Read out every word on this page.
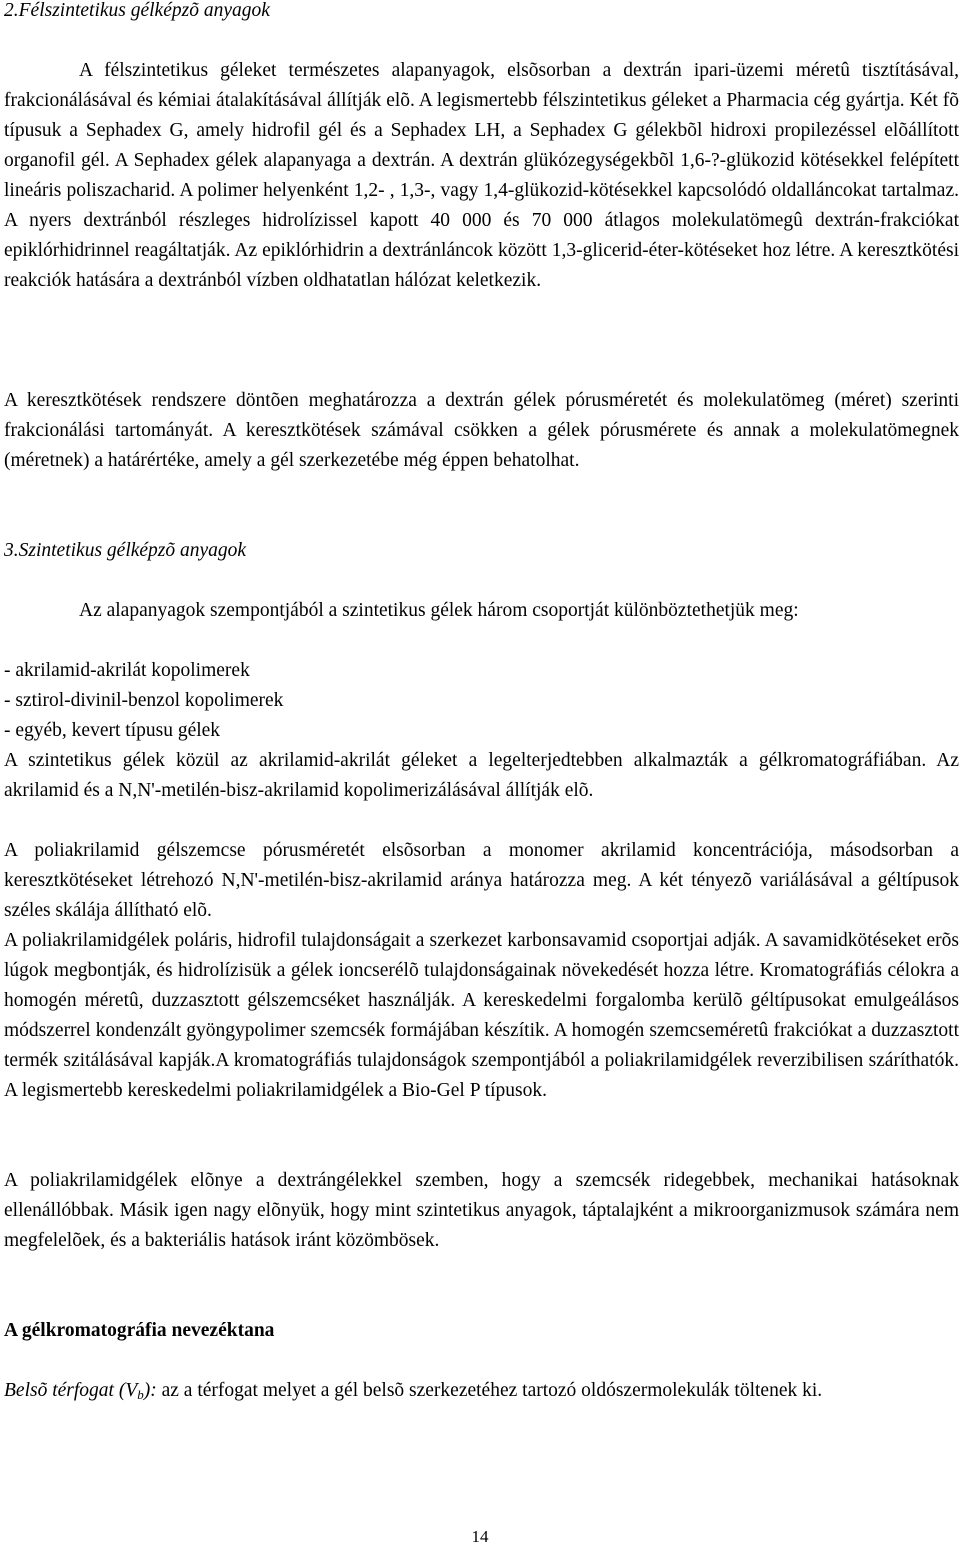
2.Félszintetikus gélképzõ anyagok

A félszintetikus géleket természetes alapanyagok, elsõsorban a dextrán ipari-üzemi méretû tisztításával, frakcionálásával és kémiai átalakításával állítják elõ. A legismertebb félszintetikus géleket a Pharmacia cég gyártja. Két fõ típusuk a Sephadex G, amely hidrofil gél és a Sephadex LH, a Sephadex G gélekbõl hidroxi propilezéssel elõállított organofil gél. A Sephadex gélek alapanyaga a dextrán. A dextrán glükózegységekbõl 1,6-?-glükozid kötésekkel felépített lineáris poliszacharid. A polimer helyenként 1,2- , 1,3-, vagy 1,4-glükozid-kötésekkel kapcsolódó oldalláncokat tartalmaz. A nyers dextránból részleges hidrolízissel kapott 40 000 és 70 000 átlagos molekulatömegû dextrán-frakciókat epiklórhidrinnel reagáltatják. Az epiklórhidrin a dextránláncok között 1,3-glicerid-éter-kötéseket hoz létre. A keresztkötési reakciók hatására a dextránból vízben oldhatatlan hálózat keletkezik.

A keresztkötések rendszere döntõen meghatározza a dextrán gélek pórusméretét és molekulatömeg (méret) szerinti frakcionálási tartományát. A keresztkötések számával csökken a gélek pórusmérete és annak a molekulatömegnek (méretnek) a határértéke, amely a gél szerkezetébe még éppen behatolhat.

3.Szintetikus gélképzõ anyagok

Az alapanyagok szempontjából a szintetikus gélek három csoportját különböztethetjük meg:

- akrilamid-akrilát kopolimerek
- sztirol-divinil-benzol kopolimerek
- egyéb, kevert típusu gélek

A szintetikus gélek közül az akrilamid-akrilát géleket a legelterjedtebben alkalmazták a gélkromatográfiában. Az akrilamid és a N,N'-metilén-bisz-akrilamid kopolimerizálásával állítják elõ.

A poliakrilamid gélszemcse pórusméretét elsõsorban a monomer akrilamid koncentrációja, másodsorban a keresztkötéseket létrehozó N,N'-metilén-bisz-akrilamid aránya határozza meg. A két tényezõ variálásával a géltípusok széles skálája állítható elõ.

A poliakrilamidgélek poláris, hidrofil tulajdonságait a szerkezet karbonsavamid csoportjai adják. A savamidkötéseket erõs lúgok megbontják, és hidrolízisük a gélek ioncserélõ tulajdonságainak növekedését hozza létre. Kromatográfiás célokra a homogén méretû, duzzasztott gélszemcséket használják. A kereskedelmi forgalomba kerülõ géltípusokat emulgeálásos módszerrel kondenzált gyöngypolimer szemcsék formájában készítik. A homogén szemcseméretû frakciókat a duzzasztott termék szitálásával kapják.A kromatográfiás tulajdonságok szempontjából a poliakrilamidgélek reverzibilisen száríthatók. A legismertebb kereskedelmi poliakrilamidgélek a Bio-Gel P típusok.

A poliakrilamidgélek elõnye a dextrángélekkel szemben, hogy a szemcsék ridegebbek, mechanikai hatásoknak ellenállóbbak. Másik igen nagy elõnyük, hogy mint szintetikus anyagok, táptalajként a mikroorganizmusok számára nem megfelelõek, és a bakteriális hatások iránt közömbösek.

A gélkromatográfia nevezéktana

Belsõ térfogat $(V_b)$: az a térfogat melyet a gél belsõ szerkezetéhez tartozó oldószermolekulák töltenek ki.

14
